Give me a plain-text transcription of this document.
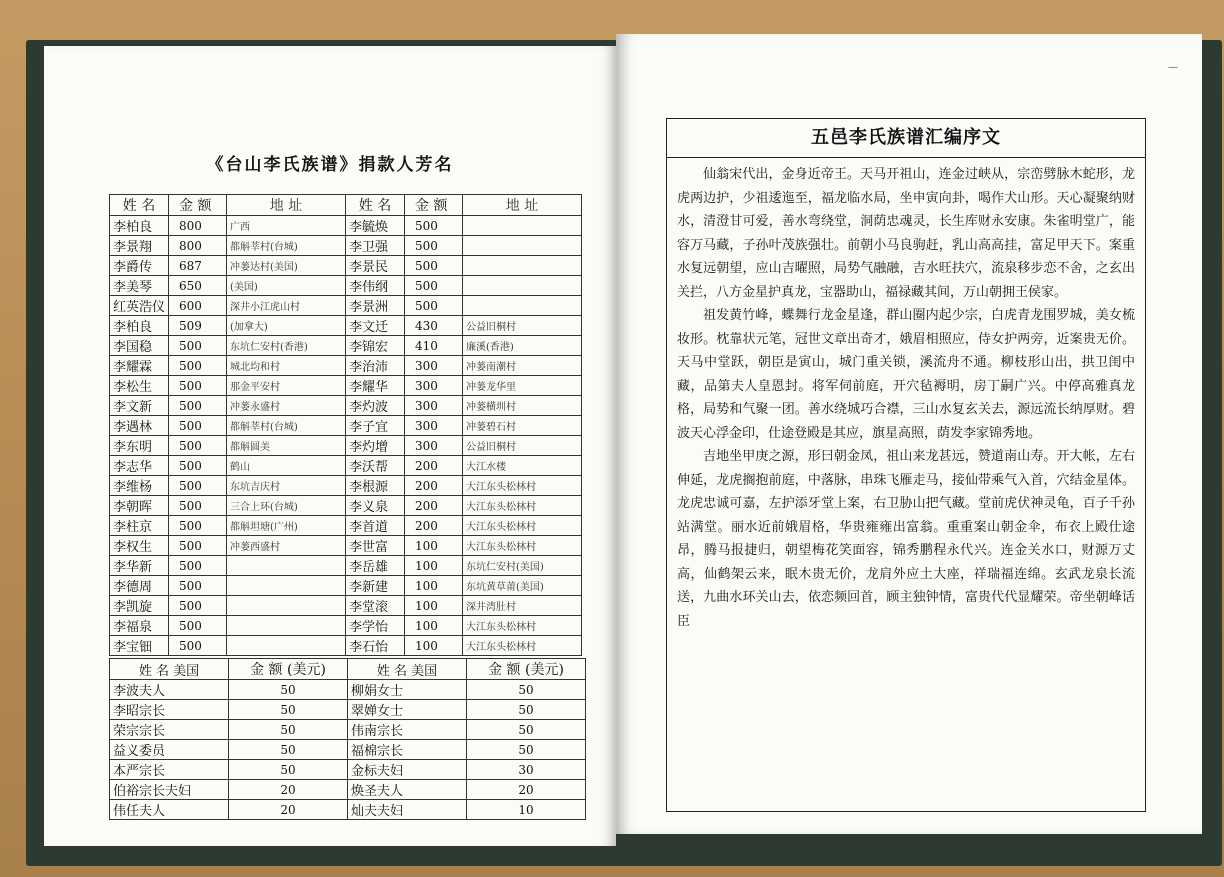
《台山李氏族谱》捐款人芳名
姓 名	金 额	地 址	姓 名	金 额	地 址
李柏良	800	广西	李毓焕	500	
李景翔	800	都斛莘村(台城)	李卫强	500	
李爵传	687	冲蒌达村(美国)	李景民	500	
李美琴	650	(美国)	李伟纲	500	
红英浩仪	600	深井小江虎山村	李景洲	500	
李柏良	509	(加拿大)	李文迁	430	公益旧桐村
李国稳	500	东坑仁安村(香港)	李锦宏	410	廉溪(香港)
李耀霖	500	城北均和村	李治沛	300	冲蒌南潮村
李松生	500	那金平安村	李耀华	300	冲蒌龙华里
李文新	500	冲蒌永盛村	李灼波	300	冲蒌横圳村
李遇林	500	都斛莘村(台城)	李子宜	300	冲蒌碧石村
李东明	500	都斛圆美	李灼增	300	公益旧桐村
李志华	500	鹤山	李沃帮	200	大江水楼
李维杨	500	东坑吉庆村	李根源	200	大江东头松林村
李朝晖	500	三合上环(台城)	李义泉	200	大江东头松林村
李柱京	500	都斛坦塘(广州)	李首道	200	大江东头松林村
李权生	500	冲蒌西盛村	李世富	100	大江东头松林村
李华新	500		李岳雄	100	东坑仁安村(美国)
李德周	500		李新建	100	东坑黄草莆(美国)
李凯旋	500		李堂滚	100	深井湾肚村
李福泉	500		李学怡	100	大江东头松林村
李宝钿	500		李石怡	100	大江东头松林村
姓 名 美国	金 额 (美元)	姓 名 美国	金 额 (美元)
李波夫人	50	柳娟女士	50
李昭宗长	50	翠婵女士	50
荣宗宗长	50	伟南宗长	50
益义委员	50	福棉宗长	50
本严宗长	50	金标夫妇	30
伯裕宗长夫妇	20	焕圣夫人	20
伟任夫人	20	灿夫夫妇	10
—
五邑李氏族谱汇编序文

仙翁宋代出，金身近帝王。天马开祖山，连金过峡从，宗峦劈脉木蛇形，龙虎两边护，少祖逶迤至，福龙临水局，坐申寅向卦，喝作犬山形。天心凝聚纳财水，清澄甘可爱，善水弯绕堂，洞荫忠魂灵，长生库财永安康。朱雀明堂广，能容万马藏，子孙叶茂族强壮。前朝小马良驹赶，乳山高高挂，富足甲天下。案重水复远朝望，应山吉曜照，局势气融融，吉水旺扶穴，流泉移步恋不舍，之玄出关拦，八方金星护真龙，宝器助山，福禄藏其间，万山朝拥王侯家。

祖发黄竹峰，蝶舞行龙金星逢，群山圈内起少宗，白虎青龙围罗城，美女梳妆形。枕靠状元笔，冠世文章出奇才，娥眉相照应，侍女护两旁，近案贵无价。天马中堂跃，朝臣是寅山，城门重关锁，溪流舟不通。柳枝形山出，拱卫闺中藏，品第夫人皇恩封。将军伺前庭，开穴毡褥明，房丁嗣广兴。中停高雅真龙格，局势和气聚一团。善水绕城巧合襟，三山水复玄关去，源远流长纳厚财。碧波天心浮金印，仕途登殿是其应，旗星高照，荫发李家锦秀地。

吉地坐甲庚之源，形曰朝金凤，祖山来龙甚远，赞道南山寿。开大帐，左右伸延，龙虎搁抱前庭，中落脉，串珠飞雁走马，接仙带乘气入首，穴结金星体。龙虎忠诚可嘉，左护添牙堂上案，右卫胁山把气藏。堂前虎伏神灵龟，百子千孙站满堂。丽水近前娥眉格，华贵雍雍出富翁。重重案山朝金伞，布衣上殿仕途昂，腾马报捷归，朝望梅花笑面容，锦秀鹏程永代兴。连金关水口，财源万丈高，仙鹤架云来，眠木贵无价，龙肩外应土大座，祥瑞福连绵。玄武龙泉长流送，九曲水环关山去，依恋频回首，顾主独钟情，富贵代代显耀荣。帝坐朝峰话臣
